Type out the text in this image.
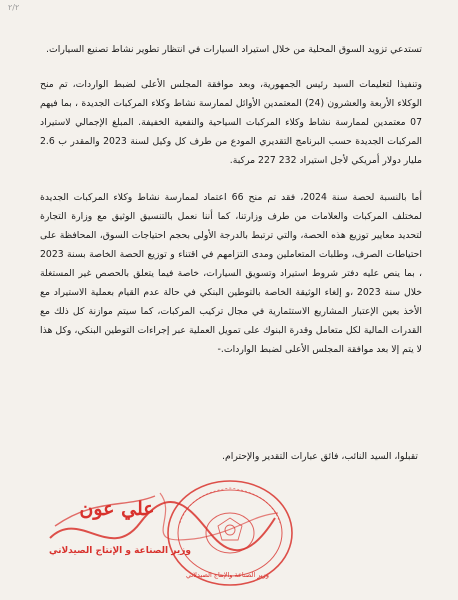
٢/٢

تستدعي تزويد السوق المحلية من خلال استيراد السيارات في انتظار تطوير نشاط تصنيع السيارات.

وتنفيذا لتعليمات السيد رئيس الجمهورية، وبعد موافقة المجلس الأعلى لضبط الواردات، تم منح الوكلاء الأربعة والعشرون (24) المعتمدين الأوائل لممارسة نشاط وكلاء المركبات الجديدة ، بما فيهم 07 معتمدين لممارسة نشاط وكلاء المركبات السياحية والنفعية الخفيفة. المبلغ الإجمالي لاستيراد المركبات الجديدة حسب البرنامج التقديري المودع من طرف كل وكيل لسنة 2023 والمقدر ب 2.6 مليار دولار أمريكي لأجل استيراد 232 227 مركبة.

أما بالنسبة لحصة سنة 2024، فقد تم منح 66 اعتماد لممارسة نشاط وكلاء المركبات الجديدة لمختلف المركبات والعلامات من طرف وزارتنا، كما أننا نعمل بالتنسيق الوثيق مع وزارة التجارة لتحديد معايير توزيع هذه الحصة، والتي ترتبط بالدرجة الأولى بحجم احتياجات السوق، المحافظة على احتياطات الصرف، وطلبات المتعاملين ومدى التزامهم في اقتناء و توزيع الحصة الخاصة بسنة 2023 ، بما ينص عليه دفتر شروط استيراد وتسويق السيارات، خاصة فيما يتعلق بالحصص غير المستغلة خلال سنة 2023 ،و إلغاء الوثيقة الخاصة بالتوطين البنكي في حالة عدم القيام بعملية الاستيراد مع الأخذ بعين الإعتبار المشاريع الاستثمارية في مجال تركيب المركبات، كما سيتم موازنة كل ذلك مع القدرات المالية لكل متعامل وقدرة البنوك على تمويل العملية عبر إجراءات التوطين البنكي، وكل هذا لا يتم إلا بعد موافقة المجلس الأعلى لضبط الواردات.-

تقبلوا، السيد النائب، فائق عبارات التقدير والإحترام.
علي عون
وزير الصناعة و الإنتاج الصيدلاني
وزير الصناعة والإنتاج الصيدلاني
